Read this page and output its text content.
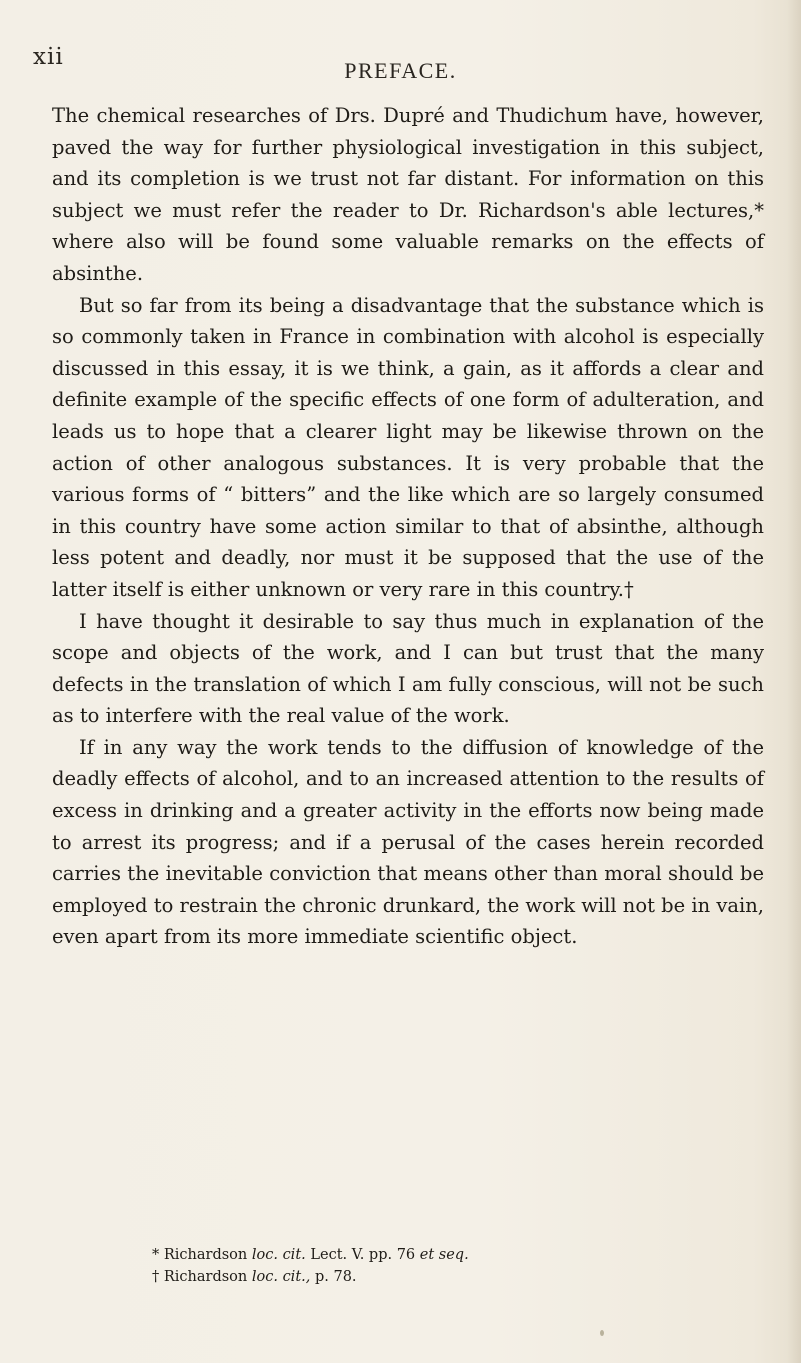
xii
PREFACE.

The chemical researches of Drs. Dupré and Thudichum have, however, paved the way for further physiological investigation in this subject, and its completion is we trust not far distant. For information on this subject we must refer the reader to Dr. Richardson's able lectures,* where also will be found some valuable remarks on the effects of absinthe.

But so far from its being a disadvantage that the substance which is so commonly taken in France in combination with alcohol is especially discussed in this essay, it is we think, a gain, as it affords a clear and definite example of the specific effects of one form of adulteration, and leads us to hope that a clearer light may be likewise thrown on the action of other analogous substances. It is very probable that the various forms of “ bitters” and the like which are so largely consumed in this country have some action similar to that of absinthe, although less potent and deadly, nor must it be supposed that the use of the latter itself is either unknown or very rare in this country.†

I have thought it desirable to say thus much in explanation of the scope and objects of the work, and I can but trust that the many defects in the translation of which I am fully conscious, will not be such as to interfere with the real value of the work.

If in any way the work tends to the diffusion of knowledge of the deadly effects of alcohol, and to an increased attention to the results of excess in drinking and a greater activity in the efforts now being made to arrest its progress; and if a perusal of the cases herein recorded carries the inevitable conviction that means other than moral should be employed to restrain the chronic drunkard, the work will not be in vain, even apart from its more immediate scientific object.

* Richardson loc. cit. Lect. V. pp. 76 et seq.
† Richardson loc. cit., p. 78.
